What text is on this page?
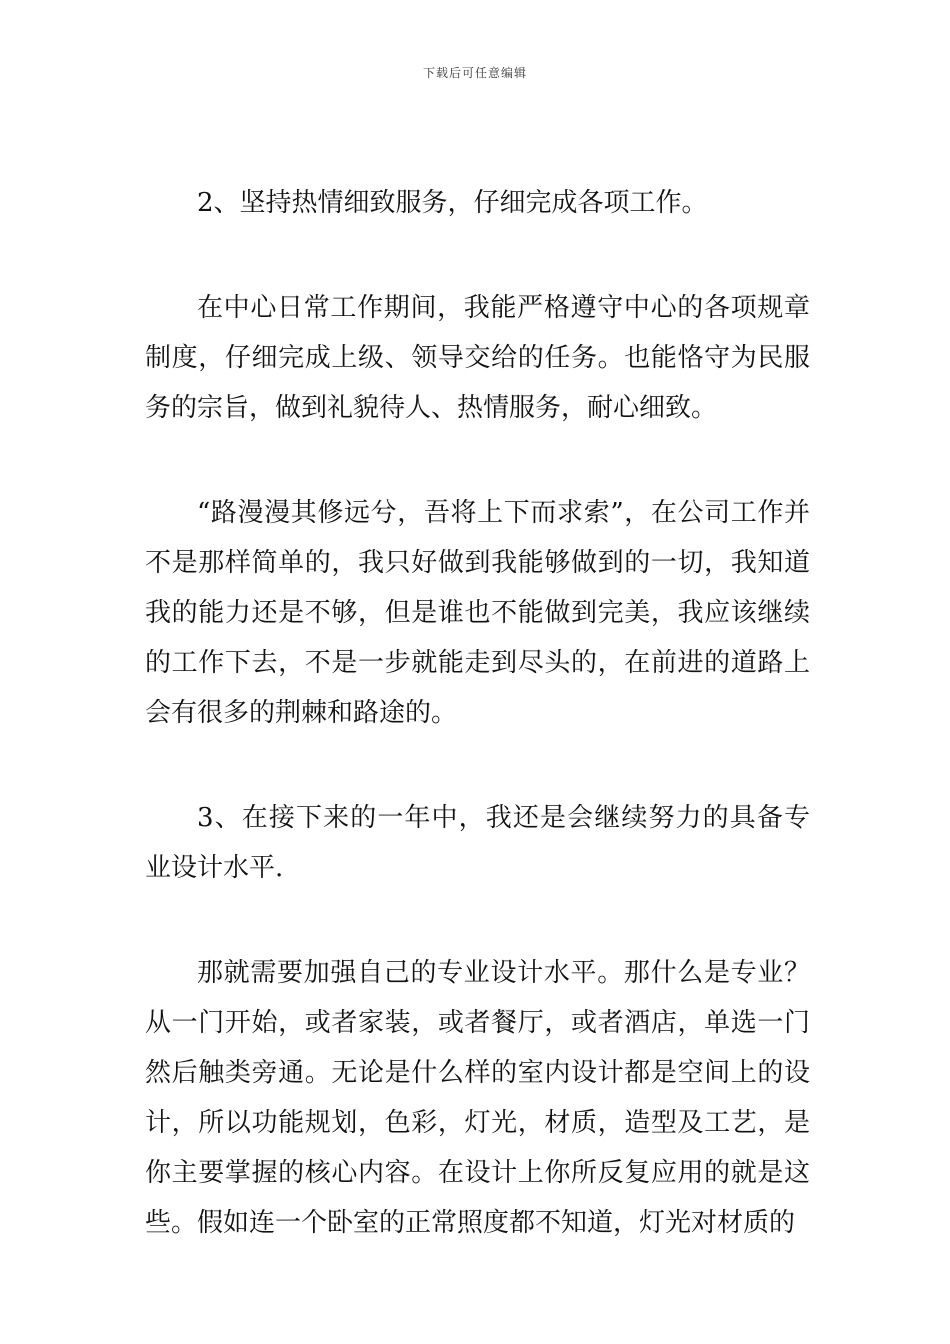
下载后可任意编辑

2、坚持热情细致服务，仔细完成各项工作。

在中心日常工作期间，我能严格遵守中心的各项规章制度，仔细完成上级、领导交给的任务。也能恪守为民服务的宗旨，做到礼貌待人、热情服务，耐心细致。

“路漫漫其修远兮，吾将上下而求索”，在公司工作并不是那样简单的，我只好做到我能够做到的一切，我知道我的能力还是不够，但是谁也不能做到完美，我应该继续的工作下去，不是一步就能走到尽头的，在前进的道路上会有很多的荆棘和路途的。

3、在接下来的一年中，我还是会继续努力的具备专业设计水平.

那就需要加强自己的专业设计水平。那什么是专业？从一门开始，或者家装，或者餐厅，或者酒店，单选一门然后触类旁通。无论是什么样的室内设计都是空间上的设计，所以功能规划，色彩，灯光，材质，造型及工艺，是你主要掌握的核心内容。在设计上你所反复应用的就是这些。假如连一个卧室的正常照度都不知道，灯光对材质的
